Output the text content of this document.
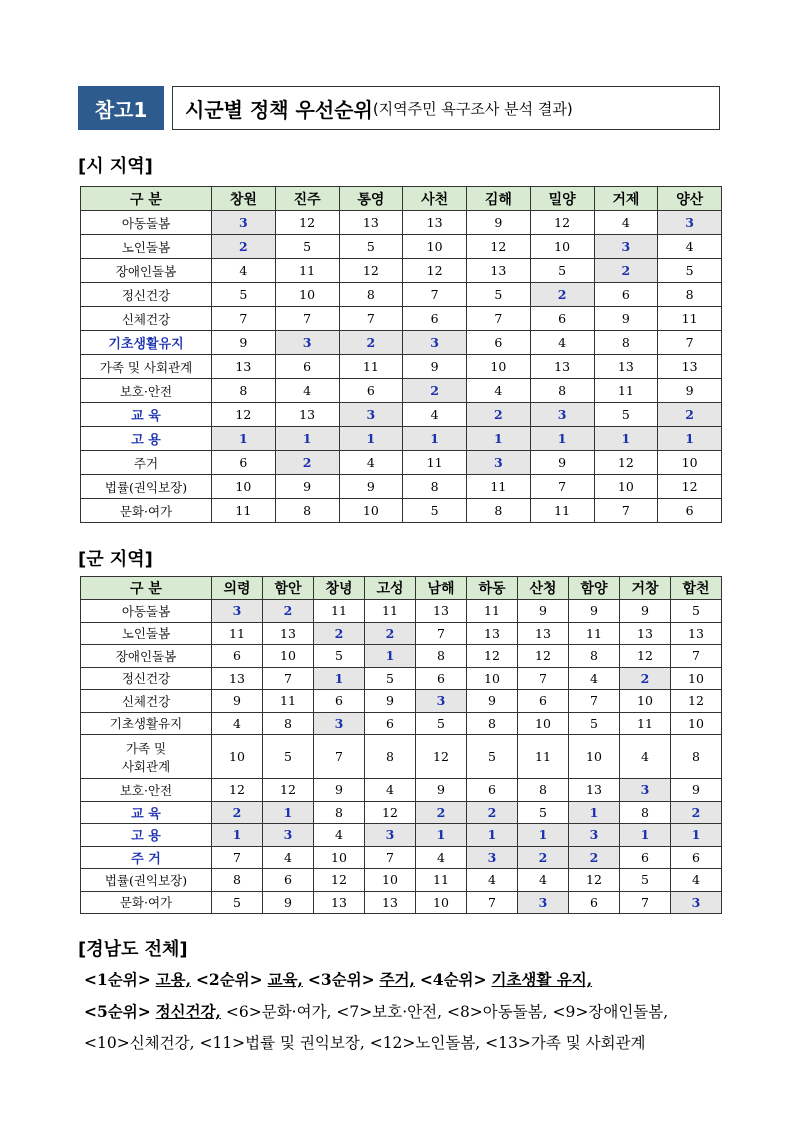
참고1	시군별 정책 우선순위 (지역주민 욕구조사 분석 결과)
[시 지역]
구 분	창원	진주	통영	사천	김해	밀양	거제	양산
아동돌봄	3	12	13	13	9	12	4	3
노인돌봄	2	5	5	10	12	10	3	4
장애인돌봄	4	11	12	12	13	5	2	5
정신건강	5	10	8	7	5	2	6	8
신체건강	7	7	7	6	7	6	9	11
기초생활유지	9	3	2	3	6	4	8	7
가족 및 사회관계	13	6	11	9	10	13	13	13
보호·안전	8	4	6	2	4	8	11	9
교 육	12	13	3	4	2	3	5	2
고 용	1	1	1	1	1	1	1	1
주거	6	2	4	11	3	9	12	10
법률(권익보장)	10	9	9	8	11	7	10	12
문화·여가	11	8	10	5	8	11	7	6
[군 지역]
구 분	의령	함안	창녕	고성	남해	하동	산청	함양	거창	합천
아동돌봄	3	2	11	11	13	11	9	9	9	5
노인돌봄	11	13	2	2	7	13	13	11	13	13
장애인돌봄	6	10	5	1	8	12	12	8	12	7
정신건강	13	7	1	5	6	10	7	4	2	10
신체건강	9	11	6	9	3	9	6	7	10	12
기초생활유지	4	8	3	6	5	8	10	5	11	10

가족 및
사회관계	10	5	7	8	12	5	11	10	4	8
보호·안전	12	12	9	4	9	6	8	13	3	9
교 육	2	1	8	12	2	2	5	1	8	2
고 용	1	3	4	3	1	1	1	3	1	1
주 거	7	4	10	7	4	3	2	2	6	6
법률(권익보장)	8	6	12	10	11	4	4	12	5	4
문화·여가	5	9	13	13	10	7	3	6	7	3
[경남도 전체]
<1순위> 고용, <2순위> 교육, <3순위> 주거, <4순위> 기초생활 유지,
<5순위> 정신건강, <6>문화·여가, <7>보호·안전, <8>아동돌봄, <9>장애인돌봄,
<10>신체건강, <11>법률 및 권익보장, <12>노인돌봄, <13>가족 및 사회관계
